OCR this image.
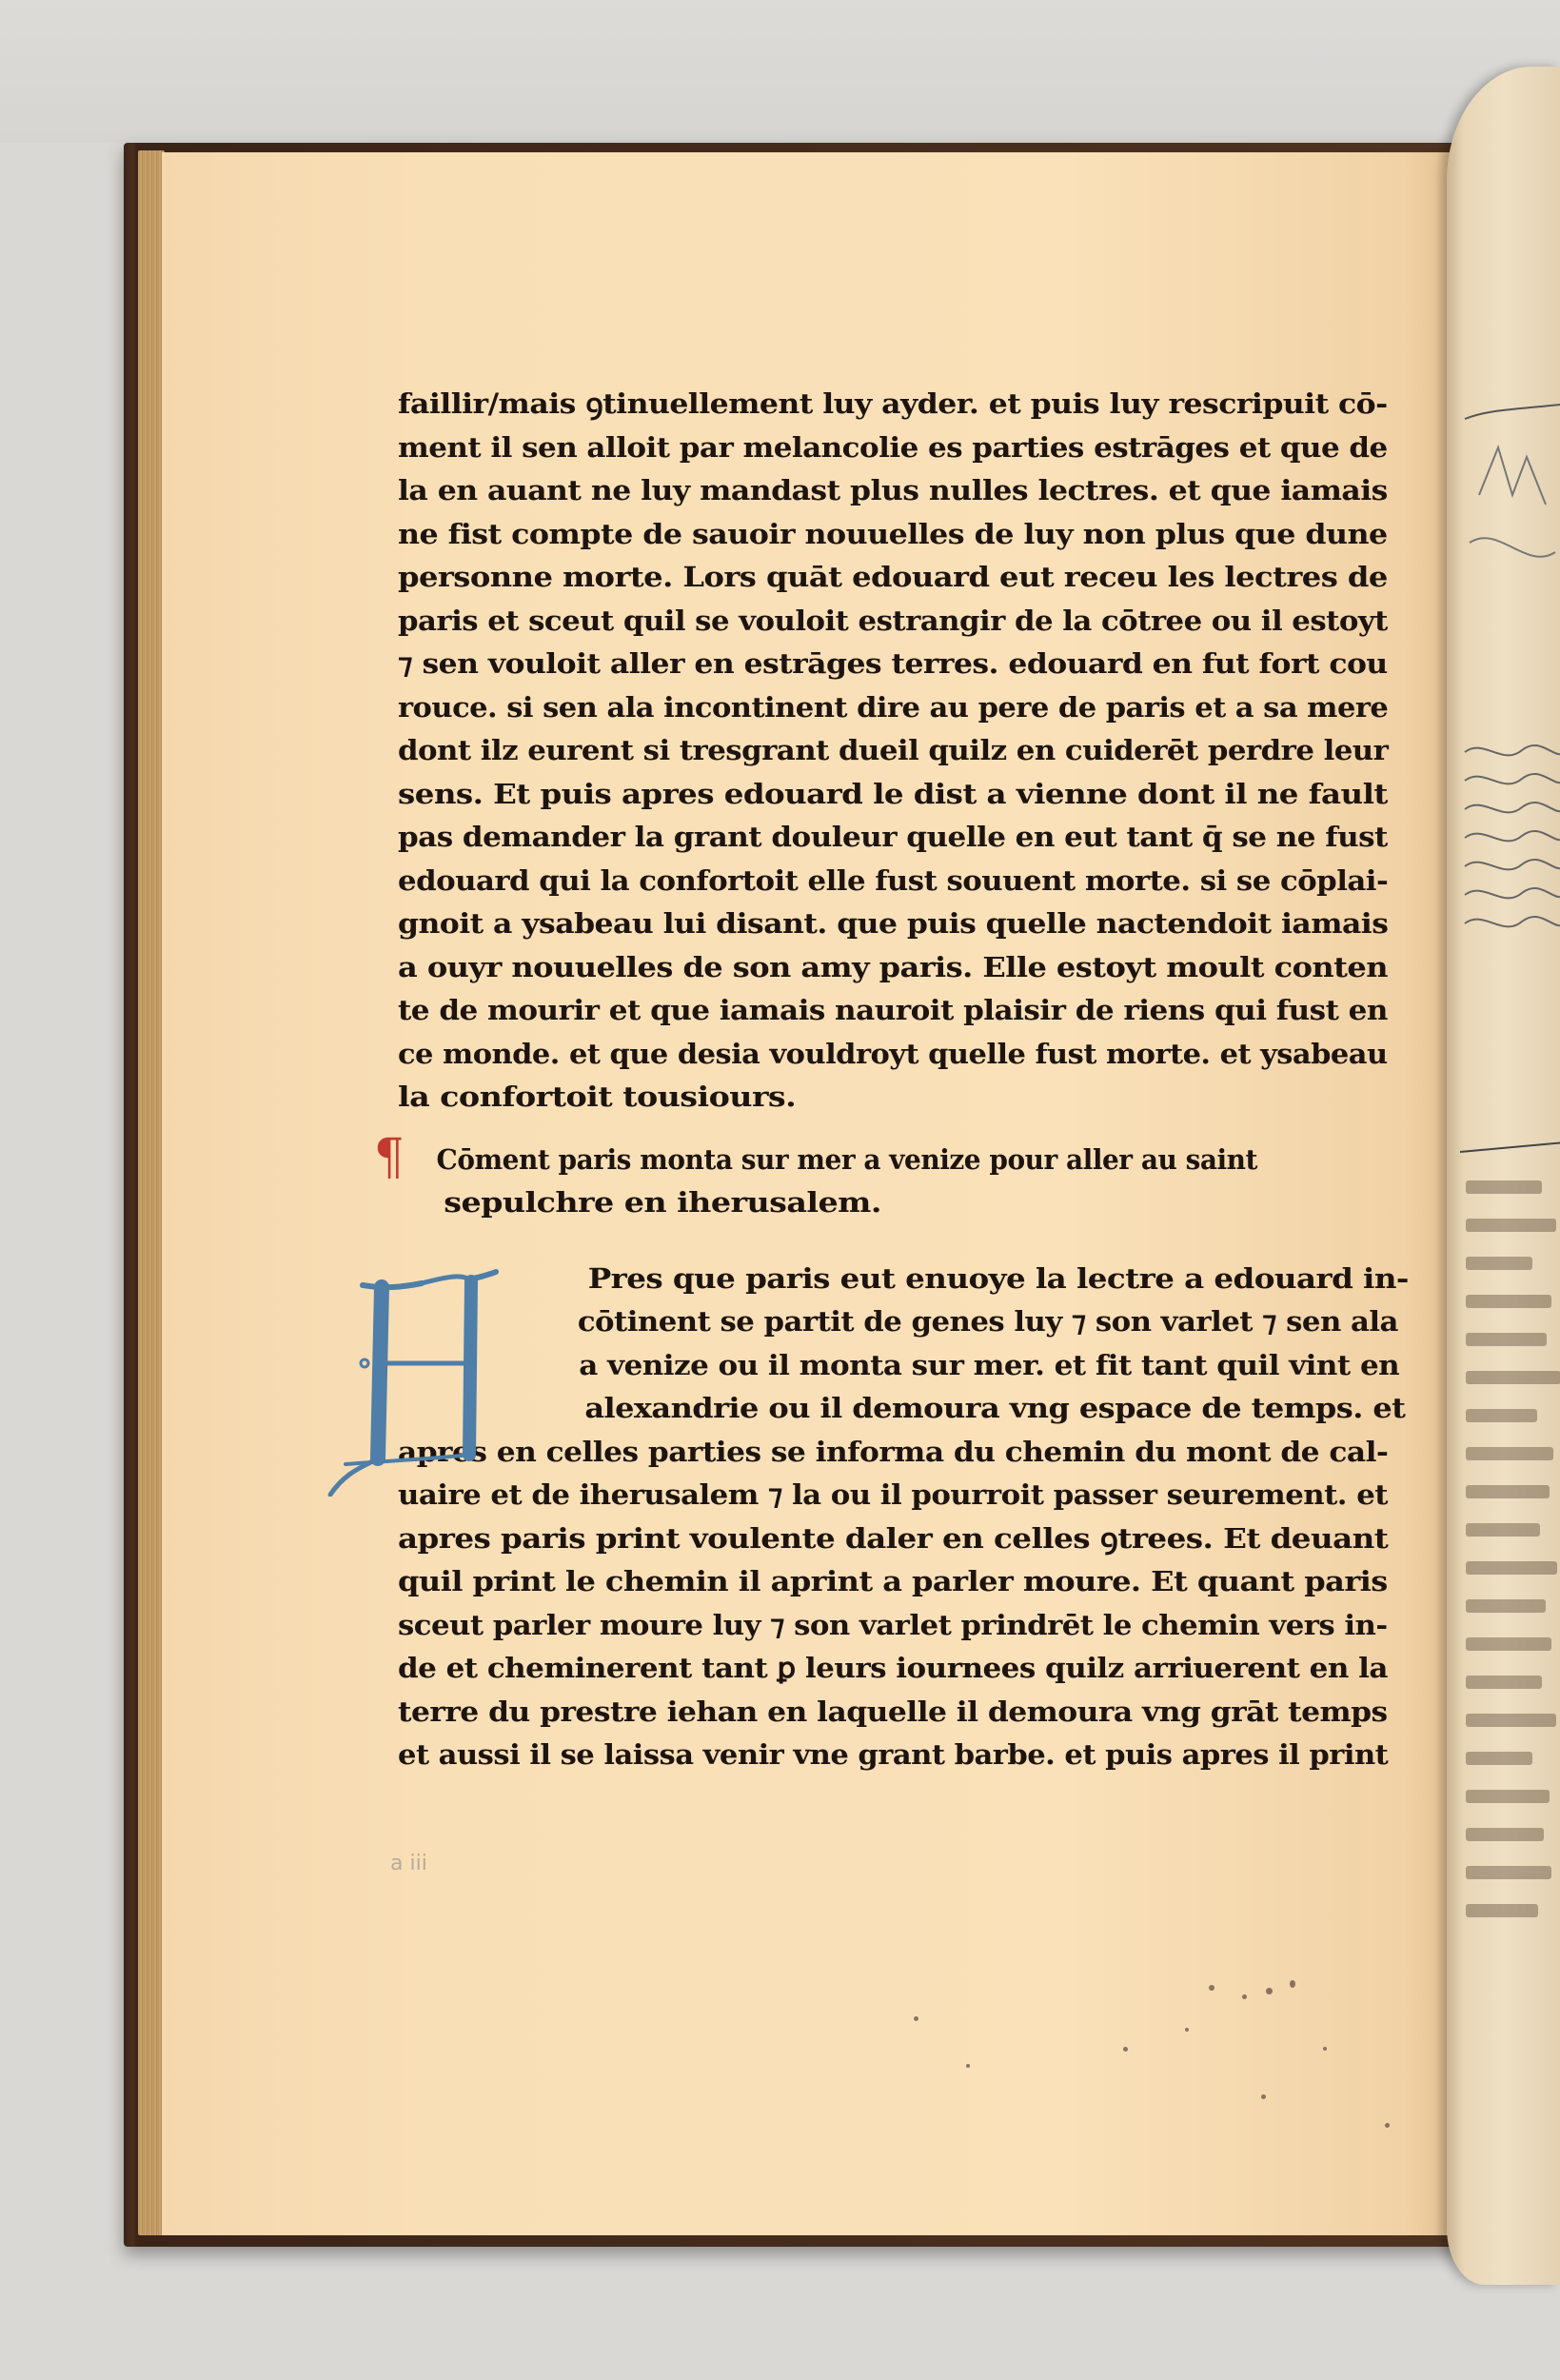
faillir/mais ꝯtinuellement luy ayder. et puis luy rescripuit cō-
ment il sen alloit par melancolie es parties estrāges et que de
la en auant ne luy mandast plus nulles lectres. et que iamais
ne fist compte de sauoir nouuelles de luy non plus que dune
personne morte. Lors quāt edouard eut receu les lectres de
paris et sceut quil se vouloit estrangir de la cōtree ou il estoyt
⁊ sen vouloit aller en estrāges terres. edouard en fut fort cou
rouce. si sen ala incontinent dire au pere de paris et a sa mere
dont ilz eurent si tresgrant dueil quilz en cuiderēt perdre leur
sens. Et puis apres edouard le dist a vienne dont il ne fault
pas demander la grant douleur quelle en eut tant q̄ se ne fust
edouard qui la confortoit elle fust souuent morte. si se cōplai-
gnoit a ysabeau lui disant. que puis quelle nactendoit iamais
a ouyr nouuelles de son amy paris. Elle estoyt moult conten
te de mourir et que iamais nauroit plaisir de riens qui fust en
ce monde. et que desia vouldroyt quelle fust morte. et ysabeau
la confortoit tousiours.
¶ Cōment paris monta sur mer a venize pour aller au saint
sepulchre en iherusalem.
Pres que paris eut enuoye la lectre a edouard in-
cōtinent se partit de genes luy ⁊ son varlet ⁊ sen ala
a venize ou il monta sur mer. et fit tant quil vint en
alexandrie ou il demoura vng espace de temps. et
apres en celles parties se informa du chemin du mont de cal-
uaire et de iherusalem ⁊ la ou il pourroit passer seurement. et
apres paris print voulente daler en celles ꝯtrees. Et deuant
quil print le chemin il aprint a parler moure. Et quant paris
sceut parler moure luy ⁊ son varlet prindrēt le chemin vers in-
de et cheminerent tant ꝑ leurs iournees quilz arriuerent en la
terre du prestre iehan en laquelle il demoura vng grāt temps
et aussi il se laissa venir vne grant barbe. et puis apres il print
a iii
